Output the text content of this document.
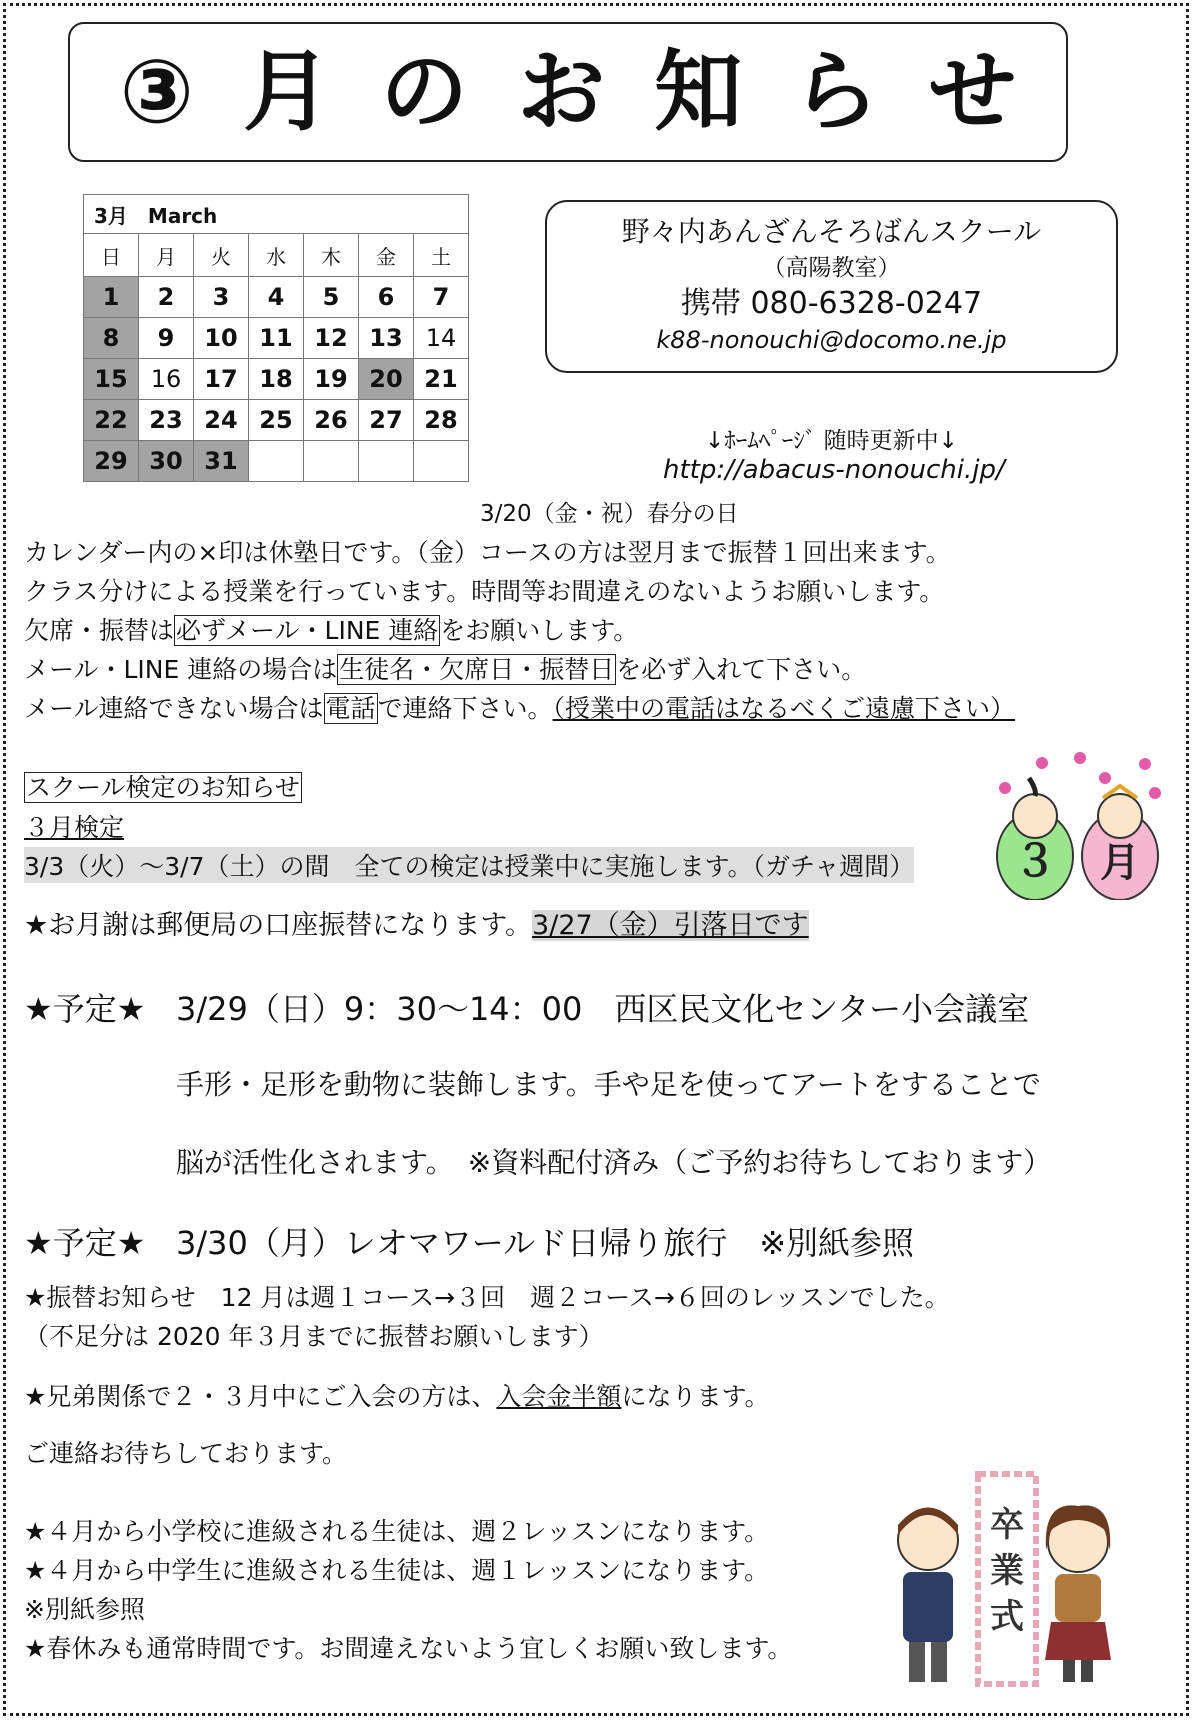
③ 月 の お 知 ら せ
3月　March						
日	月	火	水	木	金	土
1	2	3	4	5	6	7
8	9	10	11	12	13	14
15	16	17	18	19	20	21
22	23	24	25	26	27	28
29	30	31				
野々内あんざんそろばんスクール
（高陽教室）
携帯 080-6328-0247
k88-nonouchi@docomo.ne.jp
↓ﾎｰﾑﾍﾟｰｼﾞ 随時更新中↓
http://abacus-nonouchi.jp/
3/20（金・祝）春分の日
カレンダー内の×印は休塾日です。（金）コースの方は翌月まで振替１回出来ます。
クラス分けによる授業を行っています。時間等お間違えのないようお願いします。
欠席・振替は必ずメール・LINE 連絡をお願いします。
メール・LINE 連絡の場合は生徒名・欠席日・振替日を必ず入れて下さい。
メール連絡できない場合は電話で連絡下さい。（授業中の電話はなるべくご遠慮下さい）
スクール検定のお知らせ
３月検定
3/3（火）～3/7（土）の間　全ての検定は授業中に実施します。（ガチャ週間） ３ 月
★お月謝は郵便局の口座振替になります。3/27（金）引落日です
★予定★ 3/29（日）9：30～14：00　西区民文化センター小会議室
手形・足形を動物に装飾します。手や足を使ってアートをすることで
脳が活性化されます。　※資料配付済み（ご予約お待ちしております）
★予定★ 3/30（月）レオマワールド日帰り旅行　※別紙参照
★振替お知らせ　12 月は週１コース→３回　週２コース→６回のレッスンでした。
（不足分は 2020 年３月までに振替お願いします）
★兄弟関係で２・３月中にご入会の方は、入会金半額になります。
ご連絡お待ちしております。
★４月から小学校に進級される生徒は、週２レッスンになります。
★４月から中学生に進級される生徒は、週１レッスンになります。
※別紙参照
★春休みも通常時間です。お間違えないよう宜しくお願い致します。
卒
業
式
